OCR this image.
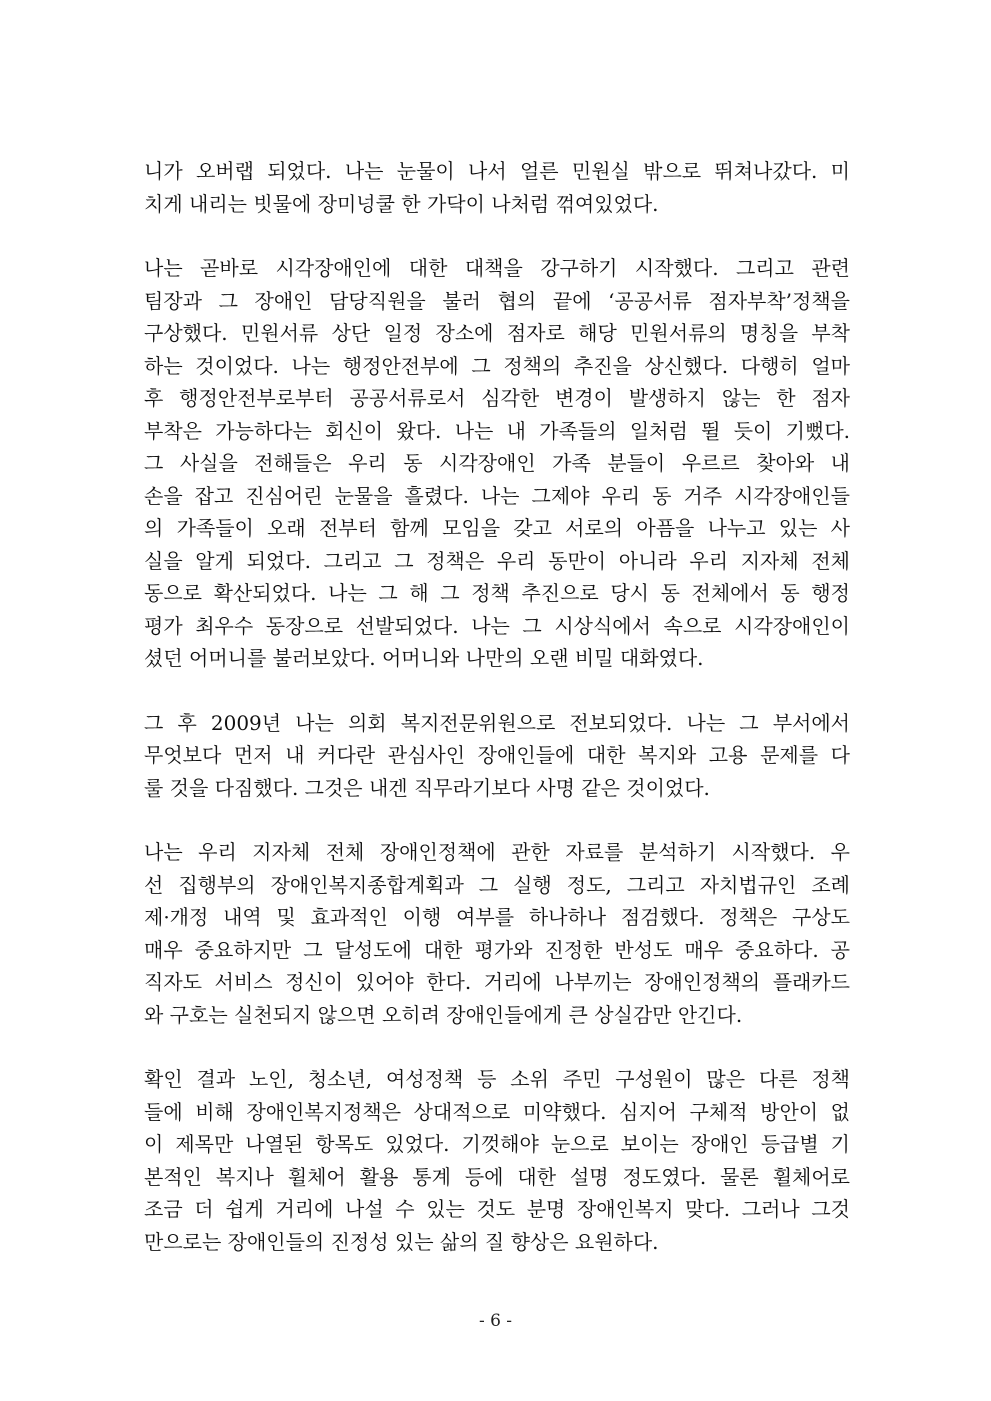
니가 오버랩 되었다. 나는 눈물이 나서 얼른 민원실 밖으로 뛰쳐나갔다. 미
치게 내리는 빗물에 장미넝쿨 한 가닥이 나처럼 꺾여있었다.
나는 곧바로 시각장애인에 대한 대책을 강구하기 시작했다. 그리고 관련
팀장과 그 장애인 담당직원을 불러 협의 끝에 ‘공공서류 점자부착’정책을
구상했다. 민원서류 상단 일정 장소에 점자로 해당 민원서류의 명칭을 부착
하는 것이었다. 나는 행정안전부에 그 정책의 추진을 상신했다. 다행히 얼마
후 행정안전부로부터 공공서류로서 심각한 변경이 발생하지 않는 한 점자
부착은 가능하다는 회신이 왔다. 나는 내 가족들의 일처럼 뛸 듯이 기뻤다.
그 사실을 전해들은 우리 동 시각장애인 가족 분들이 우르르 찾아와 내
손을 잡고 진심어린 눈물을 흘렸다. 나는 그제야 우리 동 거주 시각장애인들
의 가족들이 오래 전부터 함께 모임을 갖고 서로의 아픔을 나누고 있는 사
실을 알게 되었다. 그리고 그 정책은 우리 동만이 아니라 우리 지자체 전체
동으로 확산되었다. 나는 그 해 그 정책 추진으로 당시 동 전체에서 동 행정
평가 최우수 동장으로 선발되었다. 나는 그 시상식에서 속으로 시각장애인이
셨던 어머니를 불러보았다. 어머니와 나만의 오랜 비밀 대화였다.
그 후 2009년 나는 의회 복지전문위원으로 전보되었다. 나는 그 부서에서
무엇보다 먼저 내 커다란 관심사인 장애인들에 대한 복지와 고용 문제를 다
룰 것을 다짐했다. 그것은 내겐 직무라기보다 사명 같은 것이었다.
나는 우리 지자체 전체 장애인정책에 관한 자료를 분석하기 시작했다. 우
선 집행부의 장애인복지종합계획과 그 실행 정도, 그리고 자치법규인 조례
제·개정 내역 및 효과적인 이행 여부를 하나하나 점검했다. 정책은 구상도
매우 중요하지만 그 달성도에 대한 평가와 진정한 반성도 매우 중요하다. 공
직자도 서비스 정신이 있어야 한다. 거리에 나부끼는 장애인정책의 플래카드
와 구호는 실천되지 않으면 오히려 장애인들에게 큰 상실감만 안긴다.
확인 결과 노인, 청소년, 여성정책 등 소위 주민 구성원이 많은 다른 정책
들에 비해 장애인복지정책은 상대적으로 미약했다. 심지어 구체적 방안이 없
이 제목만 나열된 항목도 있었다. 기껏해야 눈으로 보이는 장애인 등급별 기
본적인 복지나 휠체어 활용 통계 등에 대한 설명 정도였다. 물론 휠체어로
조금 더 쉽게 거리에 나설 수 있는 것도 분명 장애인복지 맞다. 그러나 그것
만으로는 장애인들의 진정성 있는 삶의 질 향상은 요원하다.
- 6 -
